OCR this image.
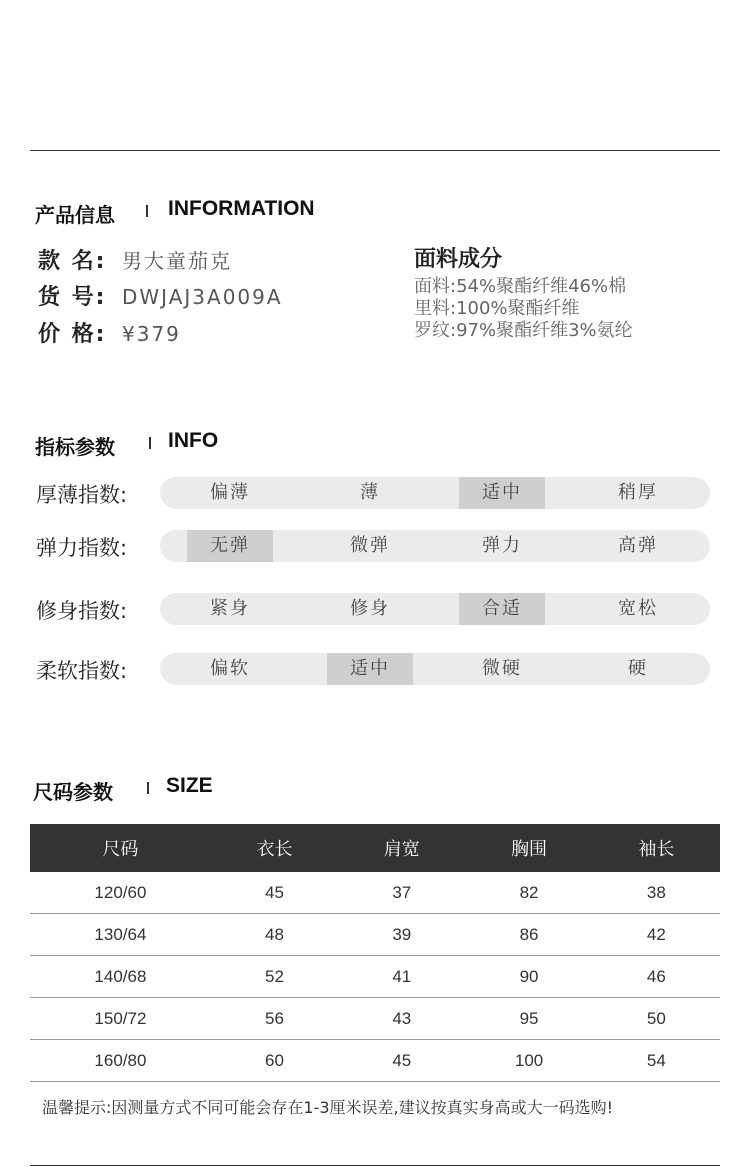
产品信息	INFORMATION
款 名: 男大童茄克
货 号: DWJAJ3A009A
价 格: ¥379
面料成分
面料:54%聚酯纤维46%棉
里料:100%聚酯纤维
罗纹:97%聚酯纤维3%氨纶
指标参数	INFO
厚薄指数:	偏薄	薄	适中	稍厚
弹力指数:	无弹	微弹	弹力	高弹
修身指数:	紧身	修身	合适	宽松
柔软指数:	偏软	适中	微硬	硬
尺码参数	SIZE
尺码	衣长	肩宽	胸围	袖长
120/60	45	37	82	38
130/64	48	39	86	42
140/68	52	41	90	46
150/72	56	43	95	50
160/80	60	45	100	54
温馨提示:因测量方式不同可能会存在1-3厘米误差,建议按真实身高或大一码选购!
